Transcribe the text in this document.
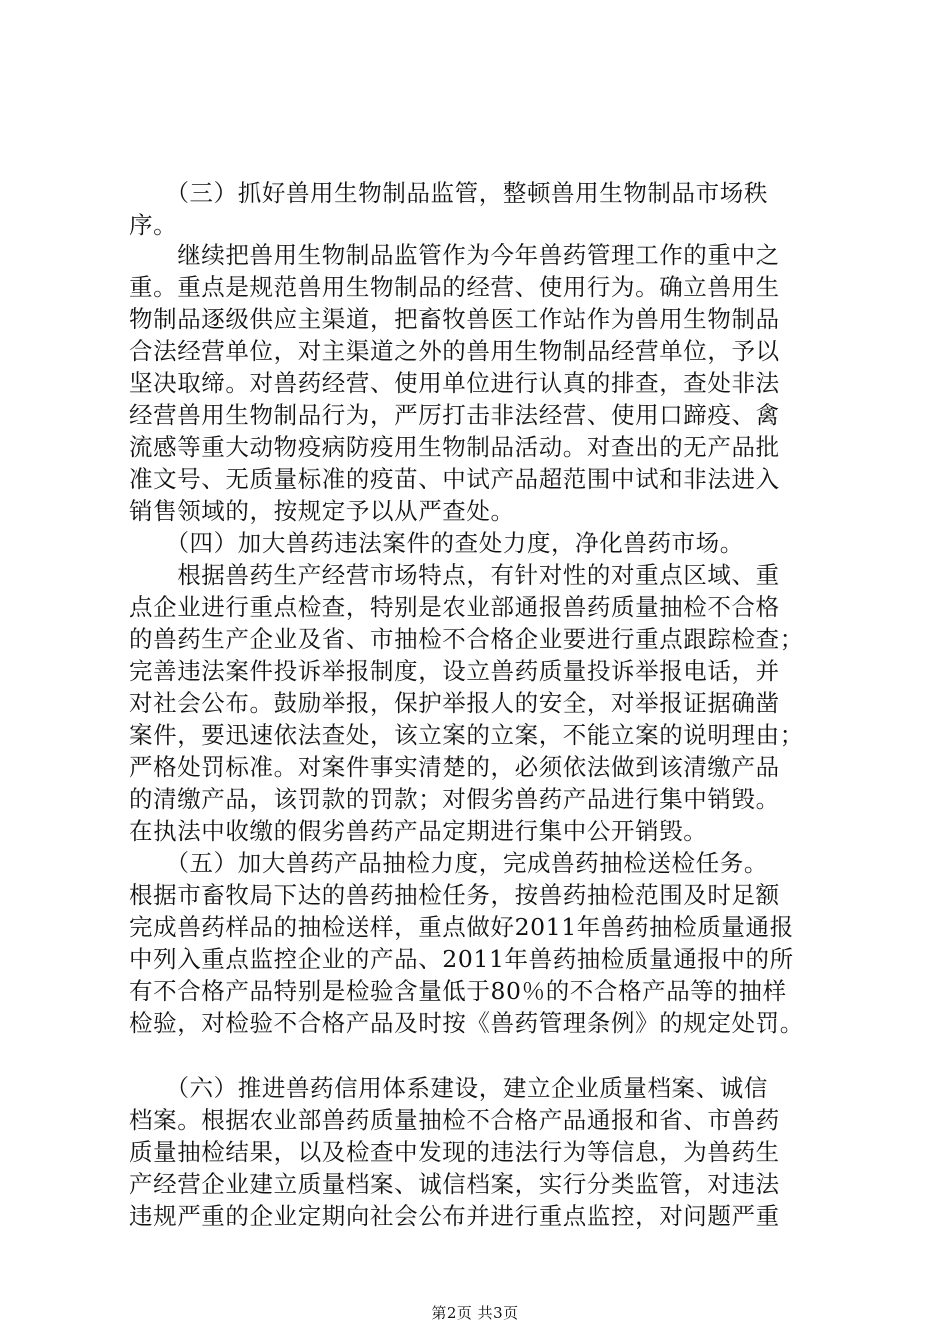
　　（三）抓好兽用生物制品监管，整顿兽用生物制品市场秩
序。
　　继续把兽用生物制品监管作为今年兽药管理工作的重中之
重。重点是规范兽用生物制品的经营、使用行为。确立兽用生
物制品逐级供应主渠道，把畜牧兽医工作站作为兽用生物制品
合法经营单位，对主渠道之外的兽用生物制品经营单位，予以
坚决取缔。对兽药经营、使用单位进行认真的排查，查处非法
经营兽用生物制品行为，严厉打击非法经营、使用口蹄疫、禽
流感等重大动物疫病防疫用生物制品活动。对查出的无产品批
准文号、无质量标准的疫苗、中试产品超范围中试和非法进入
销售领域的，按规定予以从严查处。
　　（四）加大兽药违法案件的查处力度，净化兽药市场。
　　根据兽药生产经营市场特点，有针对性的对重点区域、重
点企业进行重点检查，特别是农业部通报兽药质量抽检不合格
的兽药生产企业及省、市抽检不合格企业要进行重点跟踪检查；
完善违法案件投诉举报制度，设立兽药质量投诉举报电话，并
对社会公布。鼓励举报，保护举报人的安全，对举报证据确凿
案件，要迅速依法查处，该立案的立案，不能立案的说明理由；
严格处罚标准。对案件事实清楚的，必须依法做到该清缴产品
的清缴产品，该罚款的罚款；对假劣兽药产品进行集中销毁。
在执法中收缴的假劣兽药产品定期进行集中公开销毁。
　　（五）加大兽药产品抽检力度，完成兽药抽检送检任务。
根据市畜牧局下达的兽药抽检任务，按兽药抽检范围及时足额
完成兽药样品的抽检送样，重点做好2011年兽药抽检质量通报
中列入重点监控企业的产品、2011年兽药抽检质量通报中的所
有不合格产品特别是检验含量低于80％的不合格产品等的抽样
检验，对检验不合格产品及时按《兽药管理条例》的规定处罚。
　　（六）推进兽药信用体系建设，建立企业质量档案、诚信
档案。根据农业部兽药质量抽检不合格产品通报和省、市兽药
质量抽检结果，以及检查中发现的违法行为等信息，为兽药生
产经营企业建立质量档案、诚信档案，实行分类监管，对违法
违规严重的企业定期向社会公布并进行重点监控，对问题严重
第2页 共3页
